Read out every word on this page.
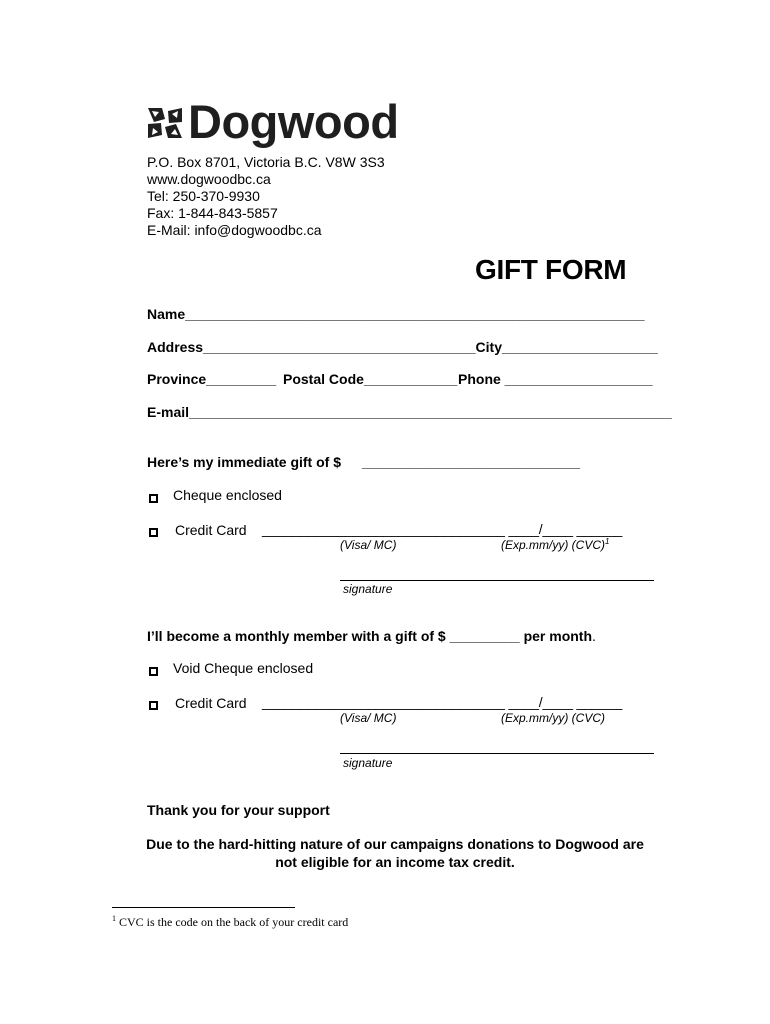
Dogwood
P.O. Box 8701, Victoria B.C. V8W 3S3
www.dogwoodbc.ca
Tel: 250-370-9930
Fax: 1-844-843-5857
E-Mail: info@dogwoodbc.ca
GIFT FORM
Name___________________________________________________________
Address___________________________________City____________________
Province_________ Postal Code____________ Phone ___________________
E-mail______________________________________________________________
Here’s my immediate gift of $ ____________________________
Cheque enclosed
Credit Card ________________________________ ____/____ ______
(Visa/ MC)	(Exp.mm/yy) (CVC)$^1$
signature
I’ll become a monthly member with a gift of $ _________ per month.
Void Cheque enclosed
Credit Card ________________________________ ____/____ ______
(Visa/ MC)	(Exp.mm/yy) (CVC)
signature
Thank you for your support
Due to the hard-hitting nature of our campaigns donations to Dogwood are not eligible for an income tax credit.
$^1$ CVC is the code on the back of your credit card
